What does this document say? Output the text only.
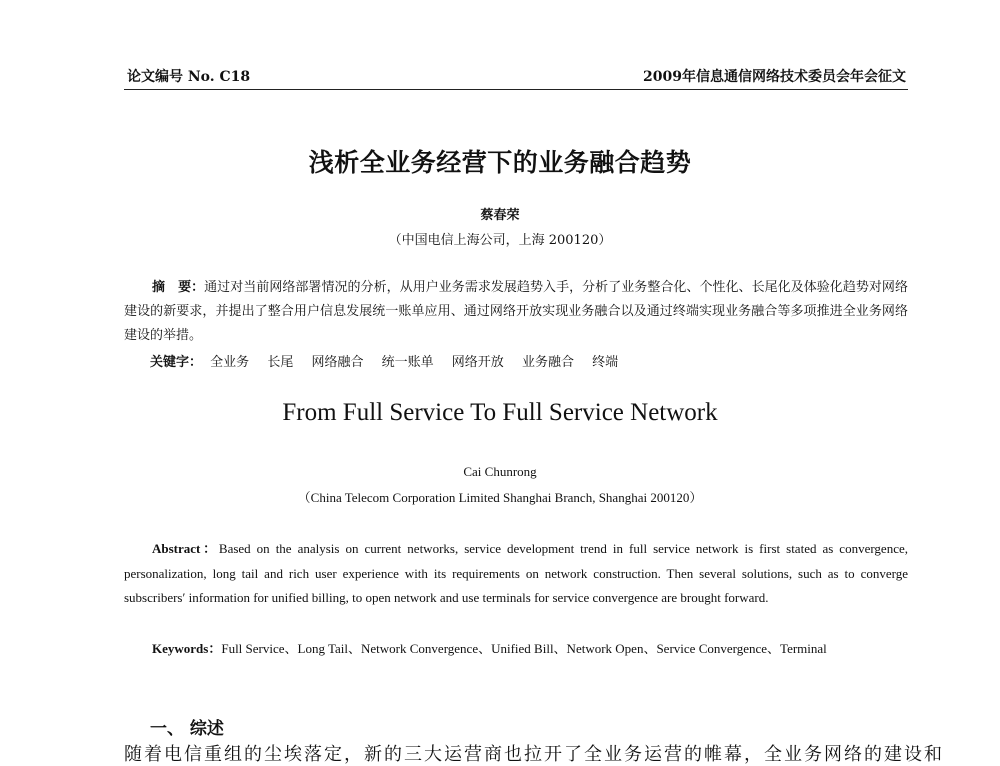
论文编号 No. C18	2009年信息通信网络技术委员会年会征文
浅析全业务经营下的业务融合趋势
蔡春荣
（中国电信上海公司，上海 200120）
摘　要：通过对当前网络部署情况的分析，从用户业务需求发展趋势入手，分析了业务整合化、个性化、长尾化及体验化趋势对网络建设的新要求，并提出了整合用户信息发展统一账单应用、通过网络开放实现业务融合以及通过终端实现业务融合等多项推进全业务网络建设的举措。
关键字： 全业务 长尾 网络融合 统一账单 网络开放 业务融合 终端
From Full Service To Full Service Network
Cai Chunrong
（China Telecom Corporation Limited Shanghai Branch, Shanghai 200120）
Abstract：Based on the analysis on current networks, service development trend in full service network is first stated as convergence, personalization, long tail and rich user experience with its requirements on network construction. Then several solutions, such as to converge subscribers′ information for unified billing, to open network and use terminals for service convergence are brought forward.
Keywords：Full Service、Long Tail、Network Convergence、Unified Bill、Network Open、Service Convergence、Terminal
一、 综述
随着电信重组的尘埃落定，新的三大运营商也拉开了全业务运营的帷幕，全业务网络的建设和
